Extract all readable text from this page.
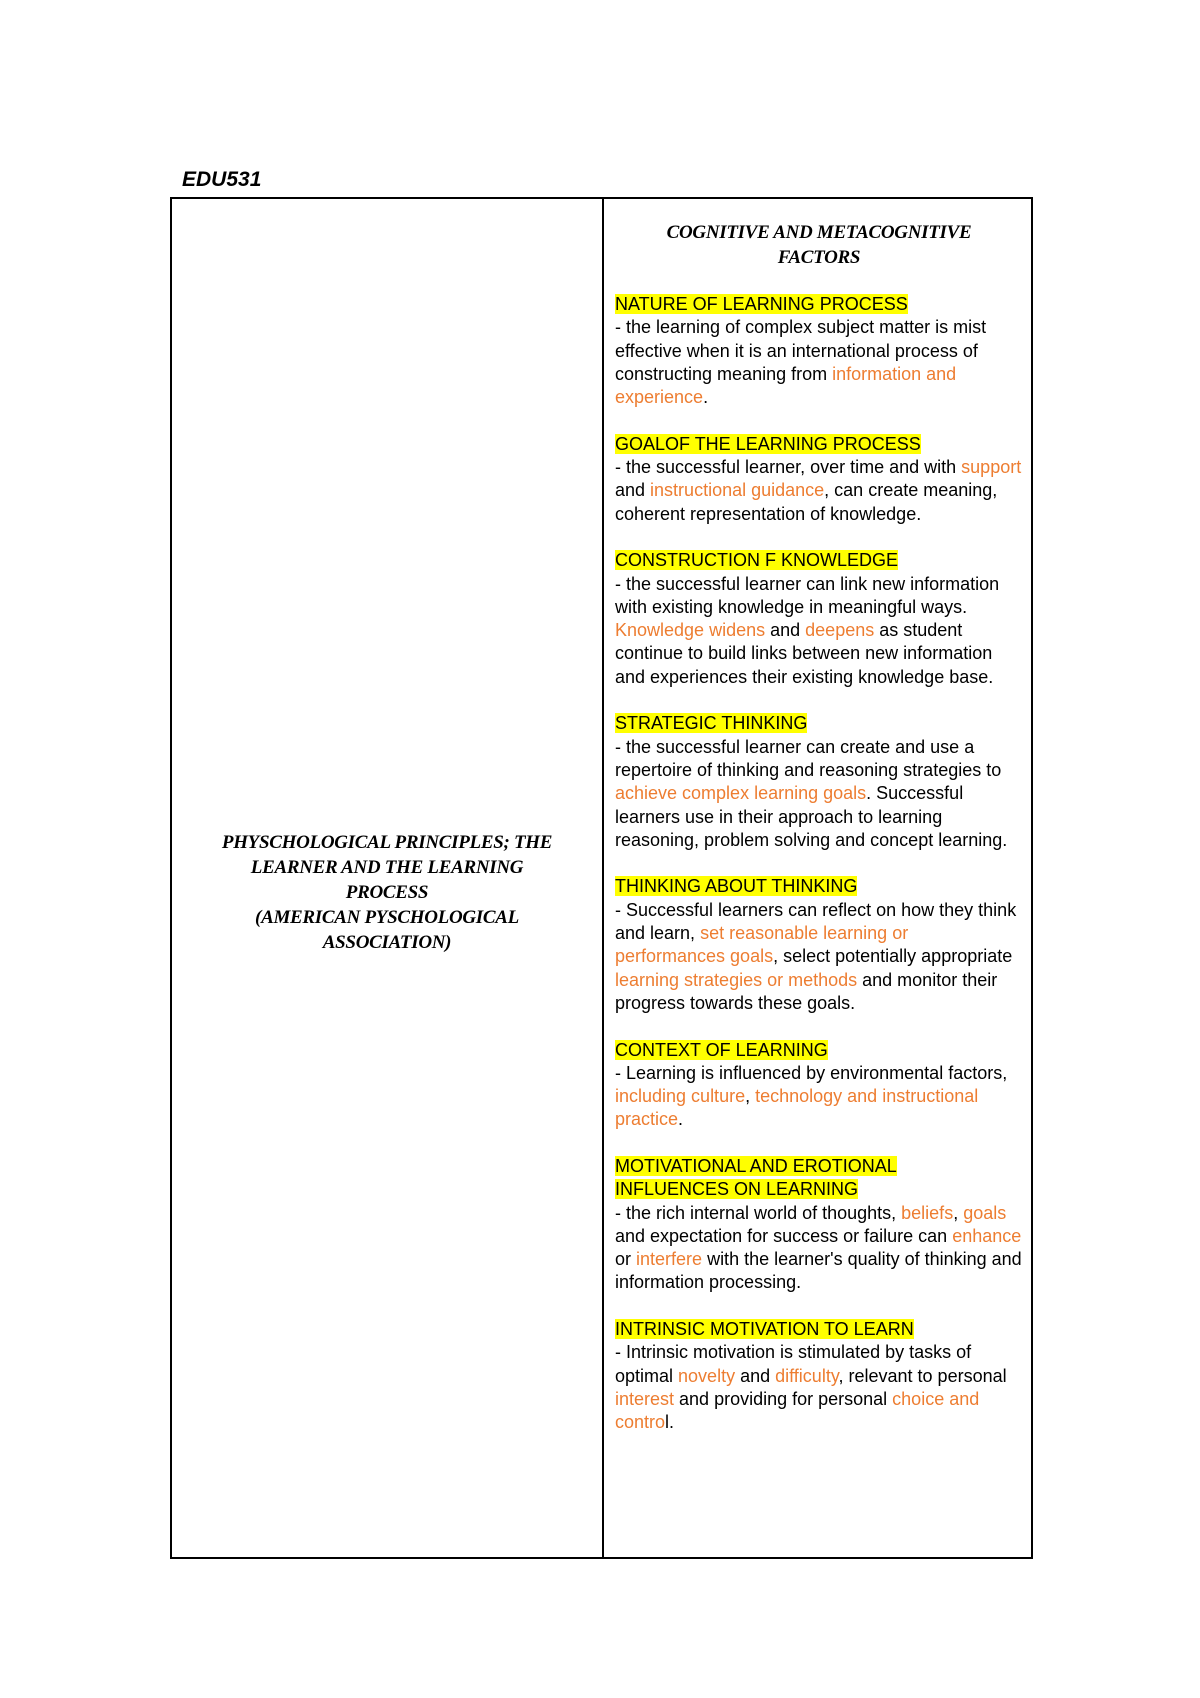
EDU531
PHYSCHOLOGICAL PRINCIPLES; THE
LEARNER AND THE LEARNING
PROCESS
(AMERICAN PYSCHOLOGICAL
ASSOCIATION)
COGNITIVE AND METACOGNITIVE
FACTORS
NATURE OF LEARNING PROCESS

- the learning of complex subject matter is mist effective when it is an international process of constructing meaning from information and experience.

GOALOF THE LEARNING PROCESS

- the successful learner, over time and with support and instructional guidance, can create meaning, coherent representation of knowledge.

CONSTRUCTION F KNOWLEDGE

- the successful learner can link new information with existing knowledge in meaningful ways. Knowledge widens and deepens as student continue to build links between new information and experiences their existing knowledge base.

STRATEGIC THINKING

- the successful learner can create and use a repertoire of thinking and reasoning strategies to achieve complex learning goals. Successful learners use in their approach to learning reasoning, problem solving and concept learning.

THINKING ABOUT THINKING

- Successful learners can reflect on how they think and learn, set reasonable learning or performances goals, select potentially appropriate learning strategies or methods and monitor their progress towards these goals.

CONTEXT OF LEARNING

- Learning is influenced by environmental factors, including culture, technology and instructional practice.

MOTIVATIONAL AND EROTIONAL
INFLUENCES ON LEARNING

- the rich internal world of thoughts, beliefs, goals and expectation for success or failure can enhance or interfere with the learner's quality of thinking and information processing.

INTRINSIC MOTIVATION TO LEARN

- Intrinsic motivation is stimulated by tasks of optimal novelty and difficulty, relevant to personal interest and providing for personal choice and control.
